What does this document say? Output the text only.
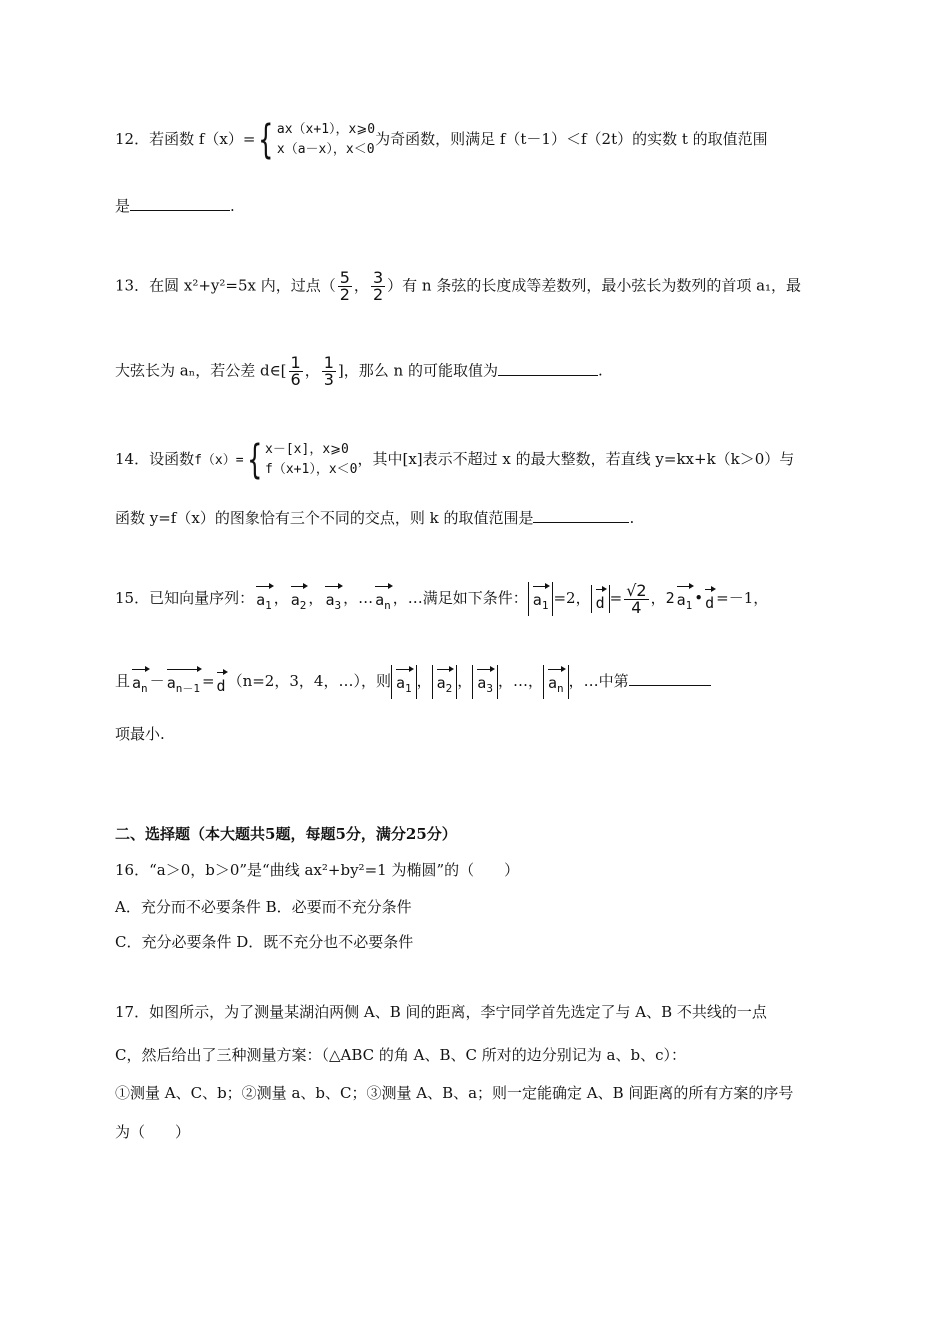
12．若函数 f（x）= { ax（x+1），x⩾0
x（a－x），x＜0
为奇函数，则满足 f（t－1）＜f（2t）的实数 t 的取值范围
是	.
13．在圆 x²+y²=5x 内，过点（ $\frac{5}{2}$ ， $\frac{3}{2}$ ）有 n 条弦的长度成等差数列，最小弦长为数列的首项 a₁，最
大弦长为 aₙ，若公差 d∈[ $\frac{1}{6}$ ， $\frac{1}{3}$ ]，那么 n 的可能取值为	.
14．设函数f（x）= { x－[x]，x⩾0
f（x+1），x＜0
，其中[x]表示不超过 x 的最大整数，若直线 y=kx+k（k＞0）与
函数 y=f（x）的图象恰有三个不同的交点，则 k 的取值范围是	.
15．已知向量序列： $a_1$ ， $a_2$ ， $a_3$ ，… $a_n$ ，…满足如下条件： $a_1 =2$， $d = \frac{√2}{4}$ ，2 $a_1$ • d =－1，
且 $a_n - a_{n-1} = d$ （n=2，3，4，…），则 $a_1$ ， $a_2$ ， $a_3$ ，…， $a_n$ ，…中第
项最小.
二、选择题（本大题共5题，每题5分，满分25分）
16．“a＞0，b＞0”是“曲线 ax²+by²=1 为椭圆”的（　　）
A．充分而不必要条件 B．必要而不充分条件
C．充分必要条件 D．既不充分也不必要条件
17．如图所示，为了测量某湖泊两侧 A、B 间的距离，李宁同学首先选定了与 A、B 不共线的一点
C，然后给出了三种测量方案：（△ABC 的角 A、B、C 所对的边分别记为 a、b、c）：
①测量 A、C、b；②测量 a、b、C；③测量 A、B、a；则一定能确定 A、B 间距离的所有方案的序号
为（　　）
